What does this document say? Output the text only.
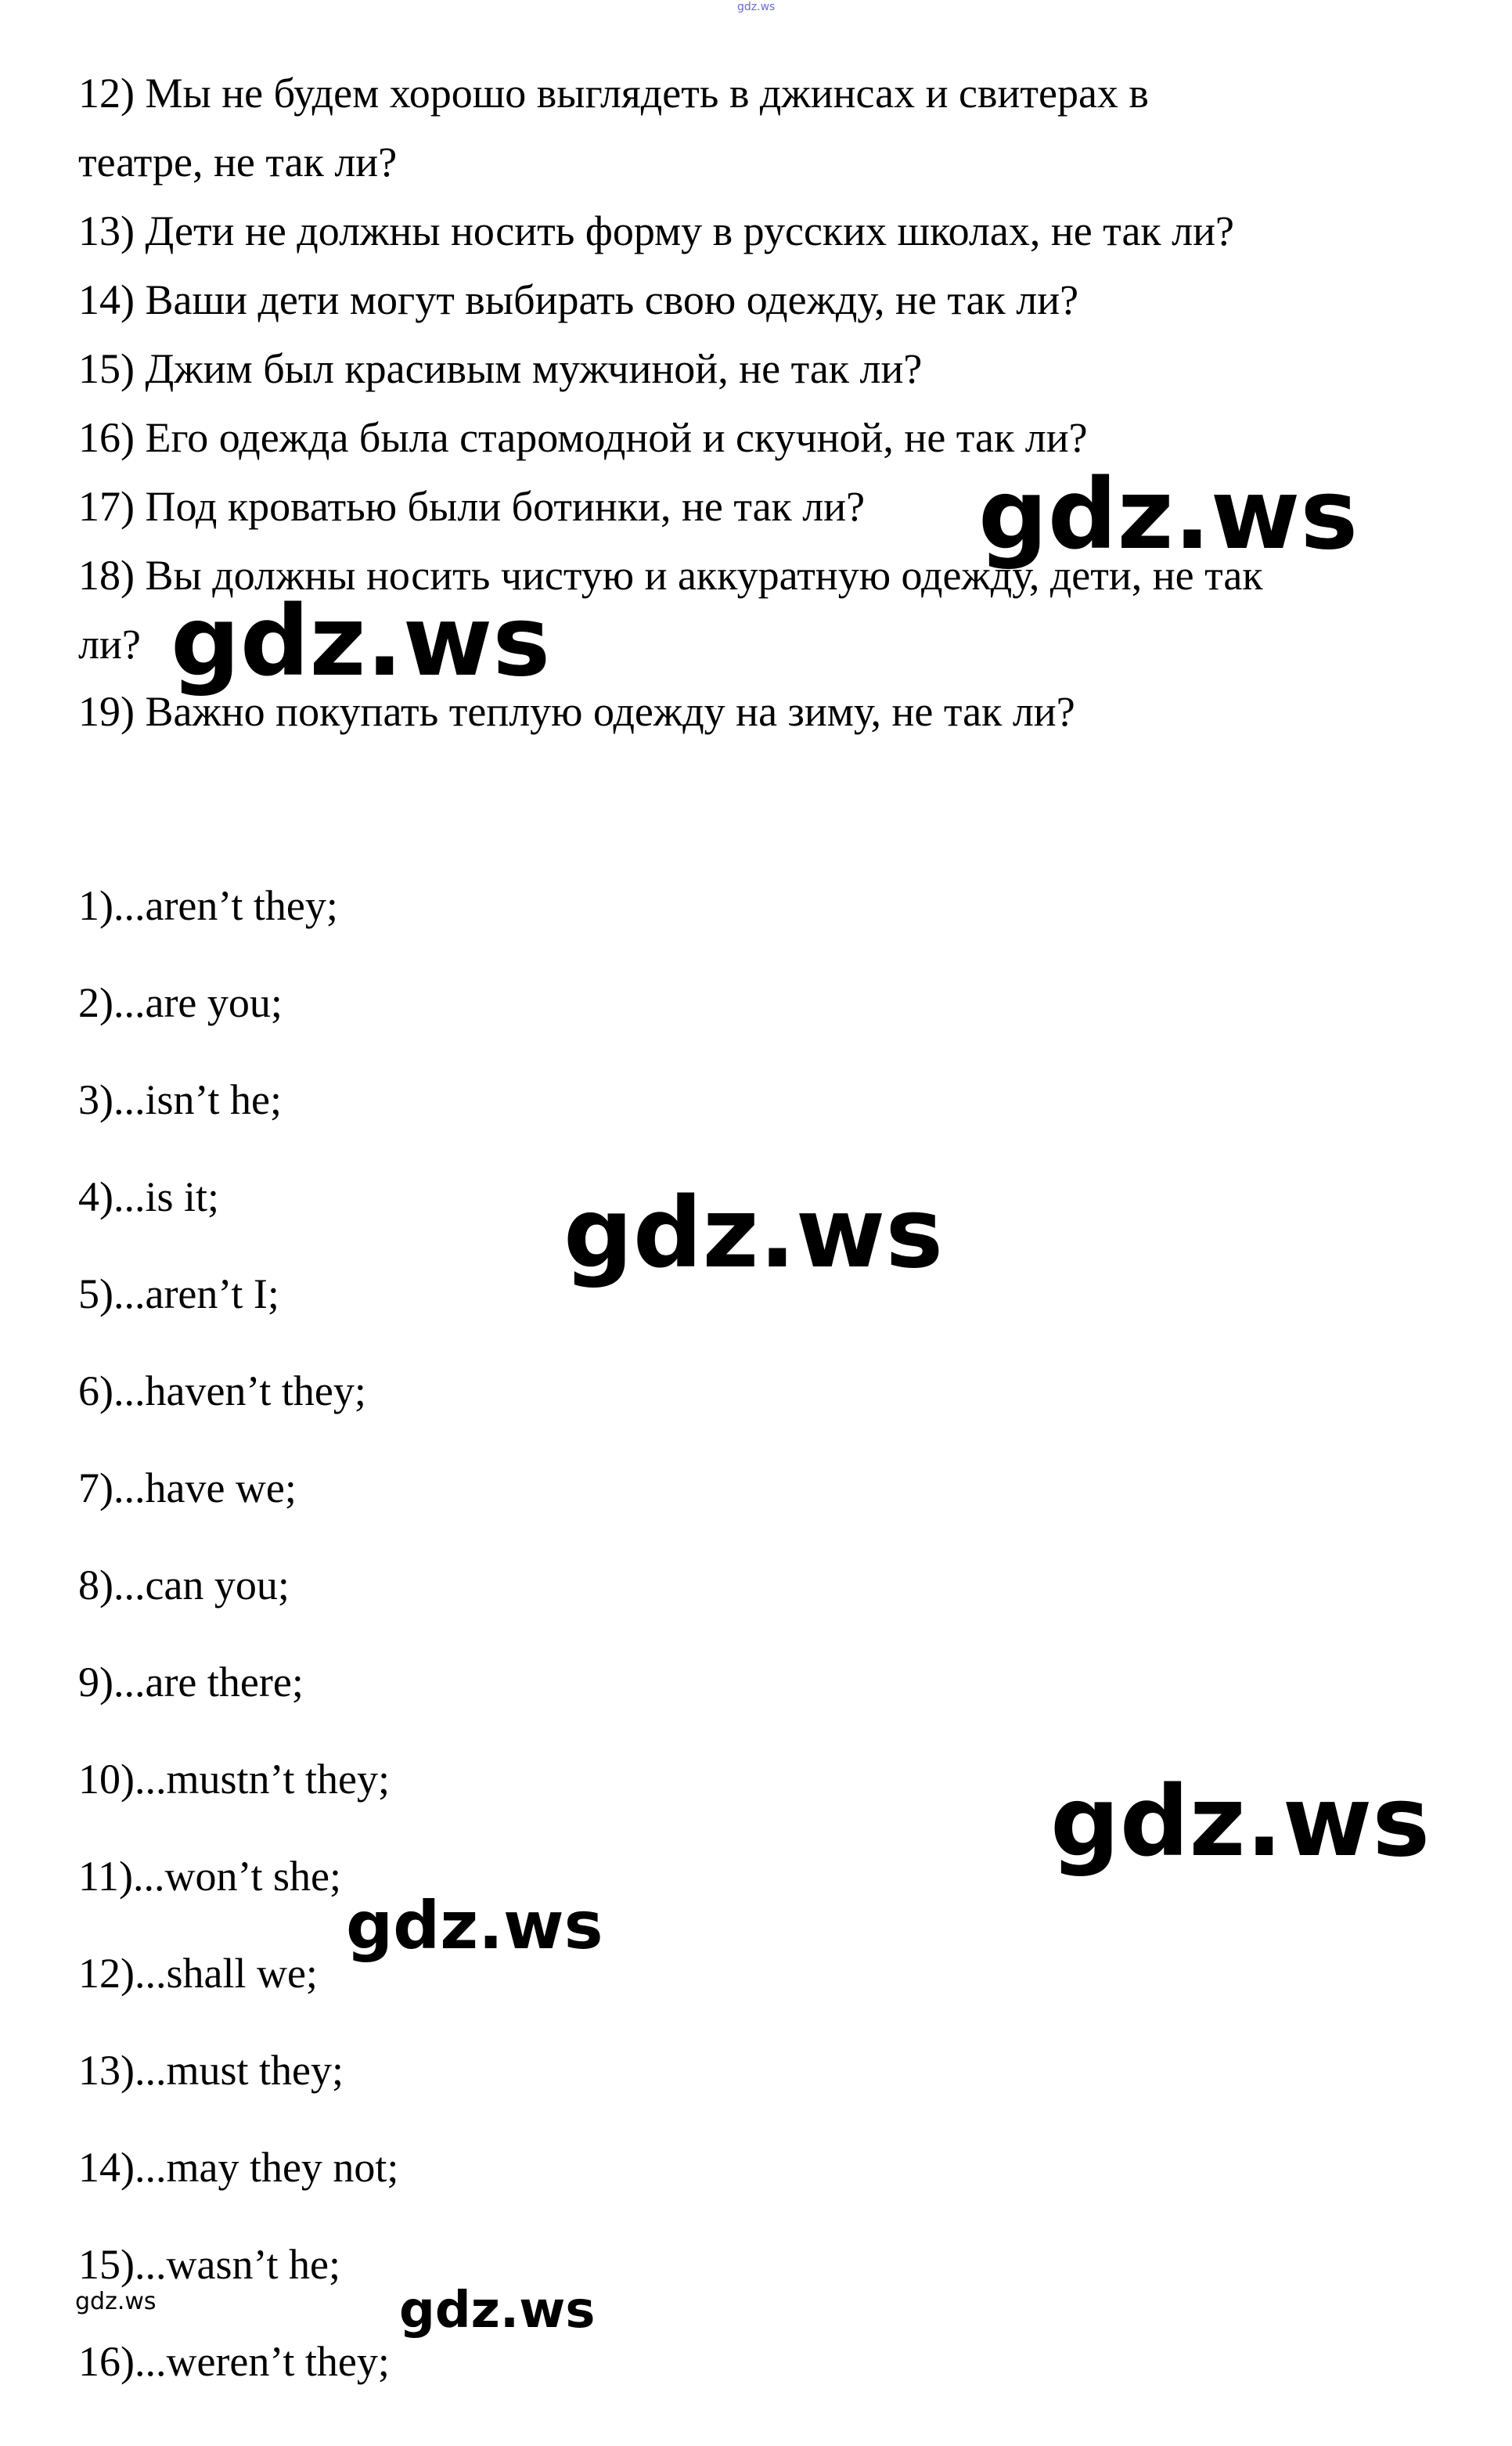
gdz.ws
12) Мы не будем хорошо выглядеть в джинсах и свитерах в
театре, не так ли?
13) Дети не должны носить форму в русских школах, не так ли?
14) Ваши дети могут выбирать свою одежду, не так ли?
15) Джим был красивым мужчиной, не так ли?
16) Его одежда была старомодной и скучной, не так ли?
17) Под кроватью были ботинки, не так ли?
18) Вы должны носить чистую и аккуратную одежду, дети, не так
ли?
19) Важно покупать теплую одежду на зиму, не так ли?
1)...aren’t they;
2)...are you;
3)...isn’t he;
4)...is it;
5)...aren’t I;
6)...haven’t they;
7)...have we;
8)...can you;
9)...are there;
10)...mustn’t they;
11)...won’t she;
12)...shall we;
13)...must they;
14)...may they not;
15)...wasn’t he;
16)...weren’t they;
gdz.ws
gdz.ws
gdz.ws
gdz.ws
gdz.ws
gdz.ws
gdz.ws
